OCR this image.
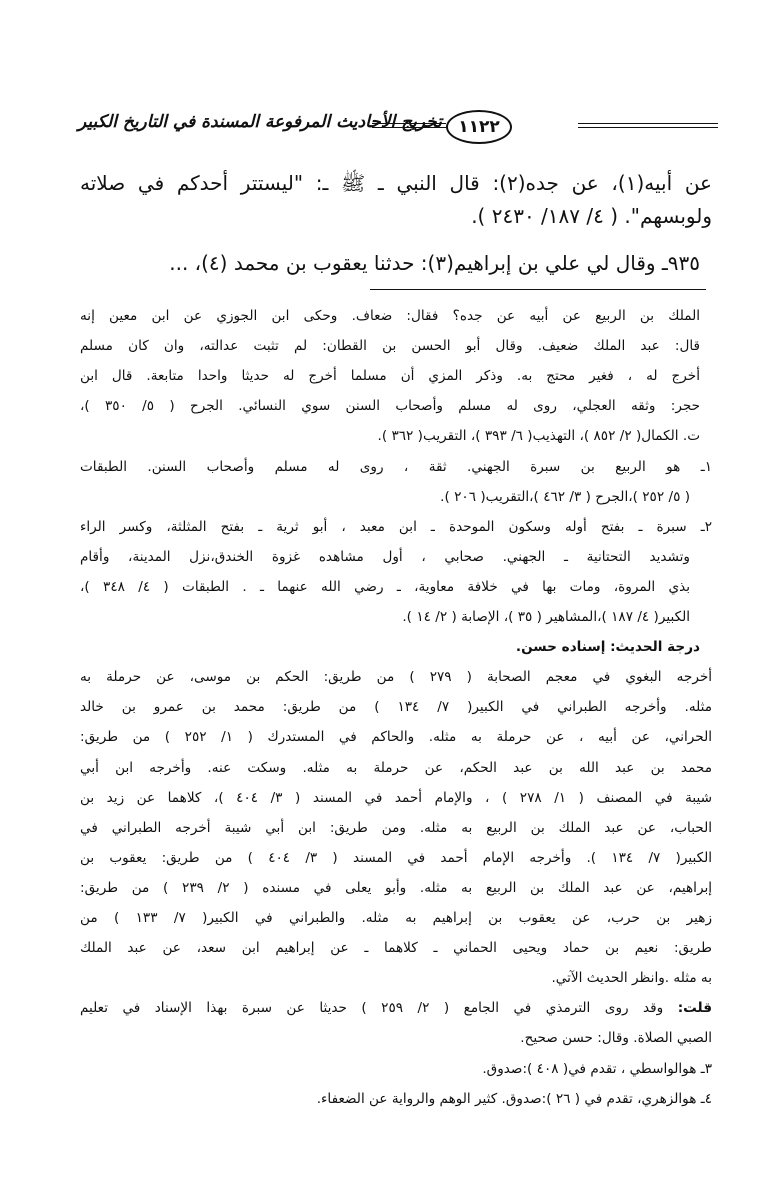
١١٢٢
تخريج الأحاديث المرفوعة المسندة في التاريخ الكبير
عن أبيه(١)، عن جده(٢): قال النبي ـ ﷺ ـ: "ليستتر أحدكم في صلاته
ولوبسهم". ( ٤/ ١٨٧/ ٢٤٣٠ ).
٩٣٥ـ وقال لي علي بن إبراهيم(٣): حدثنا يعقوب بن محمد (٤)، ...
الملك بن الربيع عن أبيه عن جده؟ فقال: ضعاف. وحكى ابن الجوزي عن ابن معين إنه
قال: عبد الملك ضعيف. وقال أبو الحسن بن القطان: لم تثبت عدالته، وان كان مسلم
أخرج له ، فغير محتج به. وذكر المزي أن مسلما أخرج له حديثا واحدا متابعة. قال ابن
حجر: وثقه العجلي، روى له مسلم وأصحاب السنن سوي النسائي. الجرح ( ٥/ ٣٥٠ )،
ت. الكمال( ٢/ ٨٥٢ )، التهذيب( ٦/ ٣٩٣ )، التقريب( ٣٦٢ ).
١ـ هو الربيع بن سبرة الجهني. ثقة ، روى له مسلم وأصحاب السنن. الطبقات
( ٥/ ٢٥٢ )،الجرح ( ٣/ ٤٦٢ )،التقريب( ٢٠٦ ).
٢ـ سبرة ـ بفتح أوله وسكون الموحدة ـ ابن معبد ، أبو ثرية ـ بفتح المثلثة، وكسر الراء
وتشديد التحتانية ـ الجهني. صحابي ، أول مشاهده غزوة الخندق،نزل المدينة، وأقام
بذي المروة، ومات بها في خلافة معاوية، ـ رضي الله عنهما ـ . الطبقات ( ٤/ ٣٤٨ )،
الكبير( ٤/ ١٨٧ )،المشاهير ( ٣٥ )، الإصابة ( ٢/ ١٤ ).
درجة الحديث: إسناده حسن.
أخرجه البغوي في معجم الصحابة ( ٢٧٩ ) من طريق: الحكم بن موسى، عن حرملة به
مثله. وأخرجه الطبراني في الكبير( ٧/ ١٣٤ ) من طريق: محمد بن عمرو بن خالد
الحراني، عن أبيه ، عن حرملة به مثله. والحاكم في المستدرك ( ١/ ٢٥٢ ) من طريق:
محمد بن عبد الله بن عبد الحكم، عن حرملة به مثله. وسكت عنه. وأخرجه ابن أبي
شيبة في المصنف ( ١/ ٢٧٨ ) ، والإمام أحمد في المسند ( ٣/ ٤٠٤ )، كلاهما عن زيد بن
الحباب، عن عبد الملك بن الربيع به مثله. ومن طريق: ابن أبي شيبة أخرجه الطبراني في
الكبير( ٧/ ١٣٤ ). وأخرجه الإمام أحمد في المسند ( ٣/ ٤٠٤ ) من طريق: يعقوب بن
إبراهيم، عن عبد الملك بن الربيع به مثله. وأبو يعلى في مسنده ( ٢/ ٢٣٩ ) من طريق:
زهير بن حرب، عن يعقوب بن إبراهيم به مثله. والطبراني في الكبير( ٧/ ١٣٣ ) من
طريق: نعيم بن حماد ويحيى الحماني ـ كلاهما ـ عن إبراهيم ابن سعد، عن عبد الملك
به مثله .وانظر الحديث الآتي.
قلت: وقد روى الترمذي في الجامع ( ٢/ ٢٥٩ ) حديثا عن سبرة بهذا الإسناد في تعليم
الصبي الصلاة. وقال: حسن صحيح.
٣ـ هوالواسطي ، تقدم في( ٤٠٨ ):صدوق.
٤ـ هوالزهري، تقدم في ( ٢٦ ):صدوق. كثير الوهم والرواية عن الضعفاء.
